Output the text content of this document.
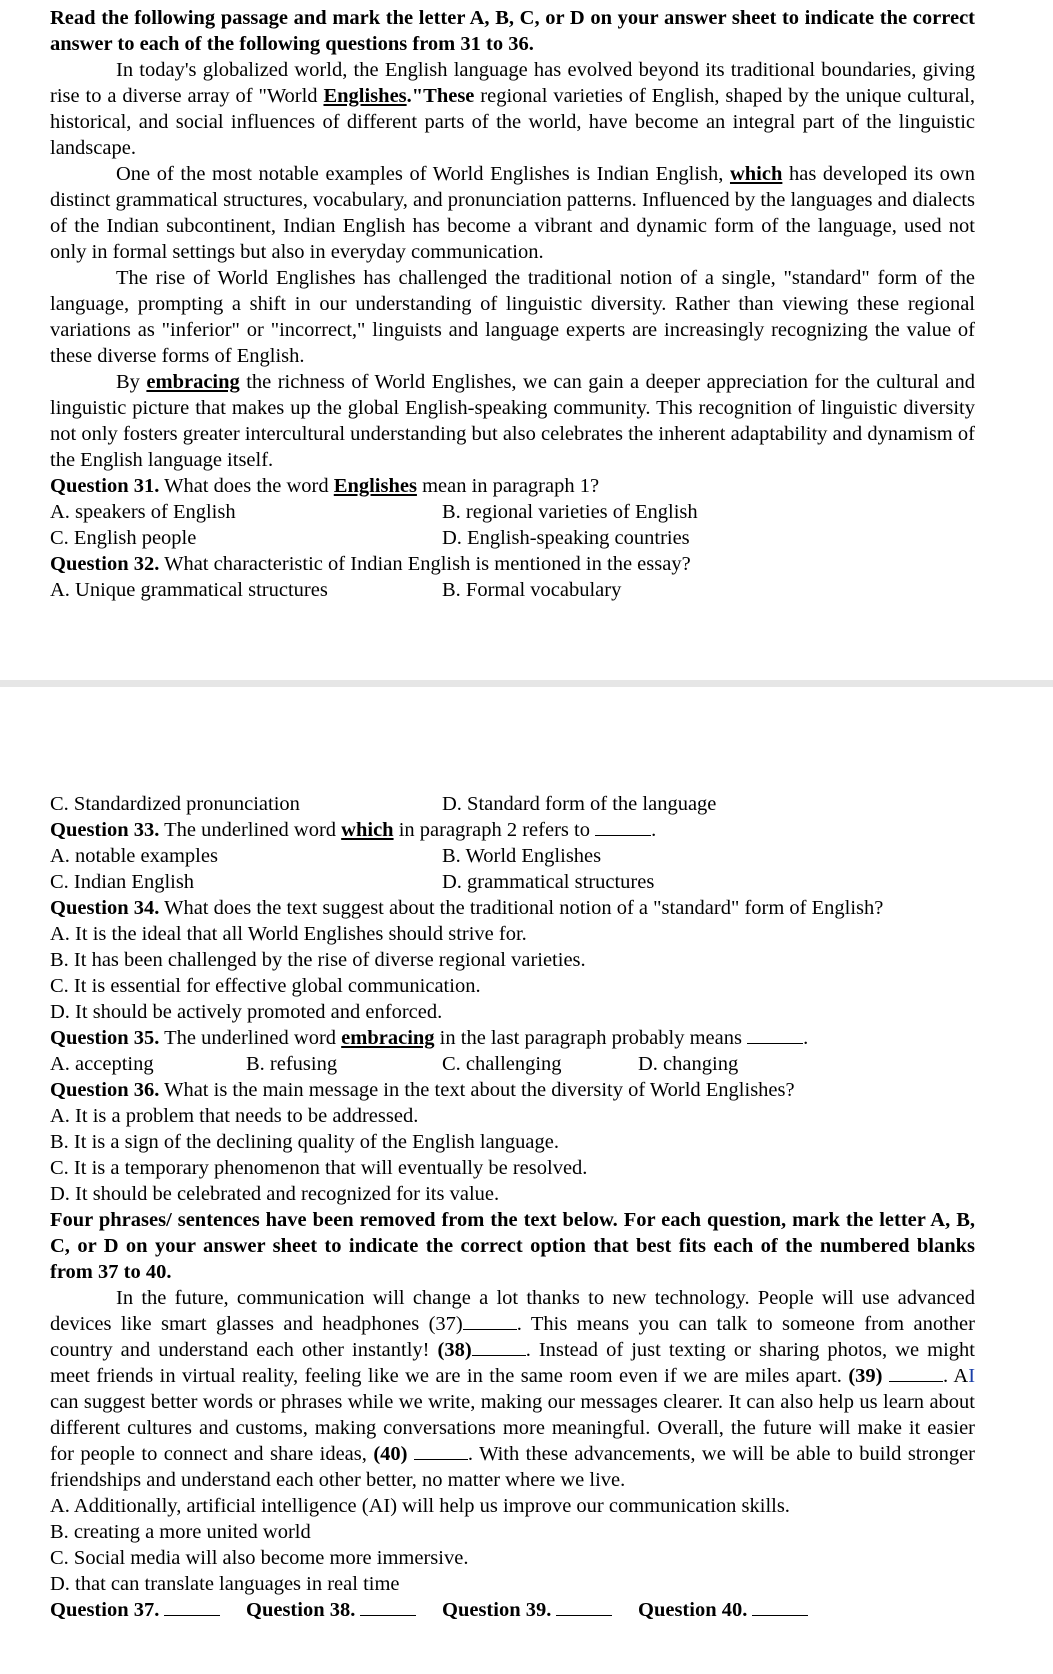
Read the following passage and mark the letter A, B, C, or D on your answer sheet to indicate the correct answer to each of the following questions from 31 to 36.

In today's globalized world, the English language has evolved beyond its traditional boundaries, giving rise to a diverse array of "World Englishes."These regional varieties of English, shaped by the unique cultural, historical, and social influences of different parts of the world, have become an integral part of the linguistic landscape.

One of the most notable examples of World Englishes is Indian English, which has developed its own distinct grammatical structures, vocabulary, and pronunciation patterns. Influenced by the languages and dialects of the Indian subcontinent, Indian English has become a vibrant and dynamic form of the language, used not only in formal settings but also in everyday communication.

The rise of World Englishes has challenged the traditional notion of a single, "standard" form of the language, prompting a shift in our understanding of linguistic diversity. Rather than viewing these regional variations as "inferior" or "incorrect," linguists and language experts are increasingly recognizing the value of these diverse forms of English.

By embracing the richness of World Englishes, we can gain a deeper appreciation for the cultural and linguistic picture that makes up the global English-speaking community. This recognition of linguistic diversity not only fosters greater intercultural understanding but also celebrates the inherent adaptability and dynamism of the English language itself.

Question 31. What does the word Englishes mean in paragraph 1?

A. speakers of English	B. regional varieties of English
C. English people	D. English-speaking countries

Question 32. What characteristic of Indian English is mentioned in the essay?

A. Unique grammatical structures	B. Formal vocabulary
C. Standardized pronunciation	D. Standard form of the language

Question 33. The underlined word which in paragraph 2 refers to	.

A. notable examples	B. World Englishes
C. Indian English	D. grammatical structures

Question 34. What does the text suggest about the traditional notion of a "standard" form of English?

A. It is the ideal that all World Englishes should strive for.

B. It has been challenged by the rise of diverse regional varieties.

C. It is essential for effective global communication.

D. It should be actively promoted and enforced.

Question 35. The underlined word embracing in the last paragraph probably means	.

A. accepting	B. refusing	C. challenging	D. changing

Question 36. What is the main message in the text about the diversity of World Englishes?

A. It is a problem that needs to be addressed.

B. It is a sign of the declining quality of the English language.

C. It is a temporary phenomenon that will eventually be resolved.

D. It should be celebrated and recognized for its value.

Four phrases/ sentences have been removed from the text below. For each question, mark the letter A, B, C, or D on your answer sheet to indicate the correct option that best fits each of the numbered blanks from 37 to 40.

In the future, communication will change a lot thanks to new technology. People will use advanced devices like smart glasses and headphones (37)	. This means you can talk to someone from another country and understand each other instantly! (38)	. Instead of just texting or sharing photos, we might meet friends in virtual reality, feeling like we are in the same room even if we are miles apart. (39)	. AI can suggest better words or phrases while we write, making our messages clearer. It can also help us learn about different cultures and customs, making conversations more meaningful. Overall, the future will make it easier for people to connect and share ideas, (40)	. With these advancements, we will be able to build stronger friendships and understand each other better, no matter where we live.

A. Additionally, artificial intelligence (AI) will help us improve our communication skills.

B. creating a more united world

C. Social media will also become more immersive.

D. that can translate languages in real time

Question 37.	Question 38.	Question 39.	Question 40.
